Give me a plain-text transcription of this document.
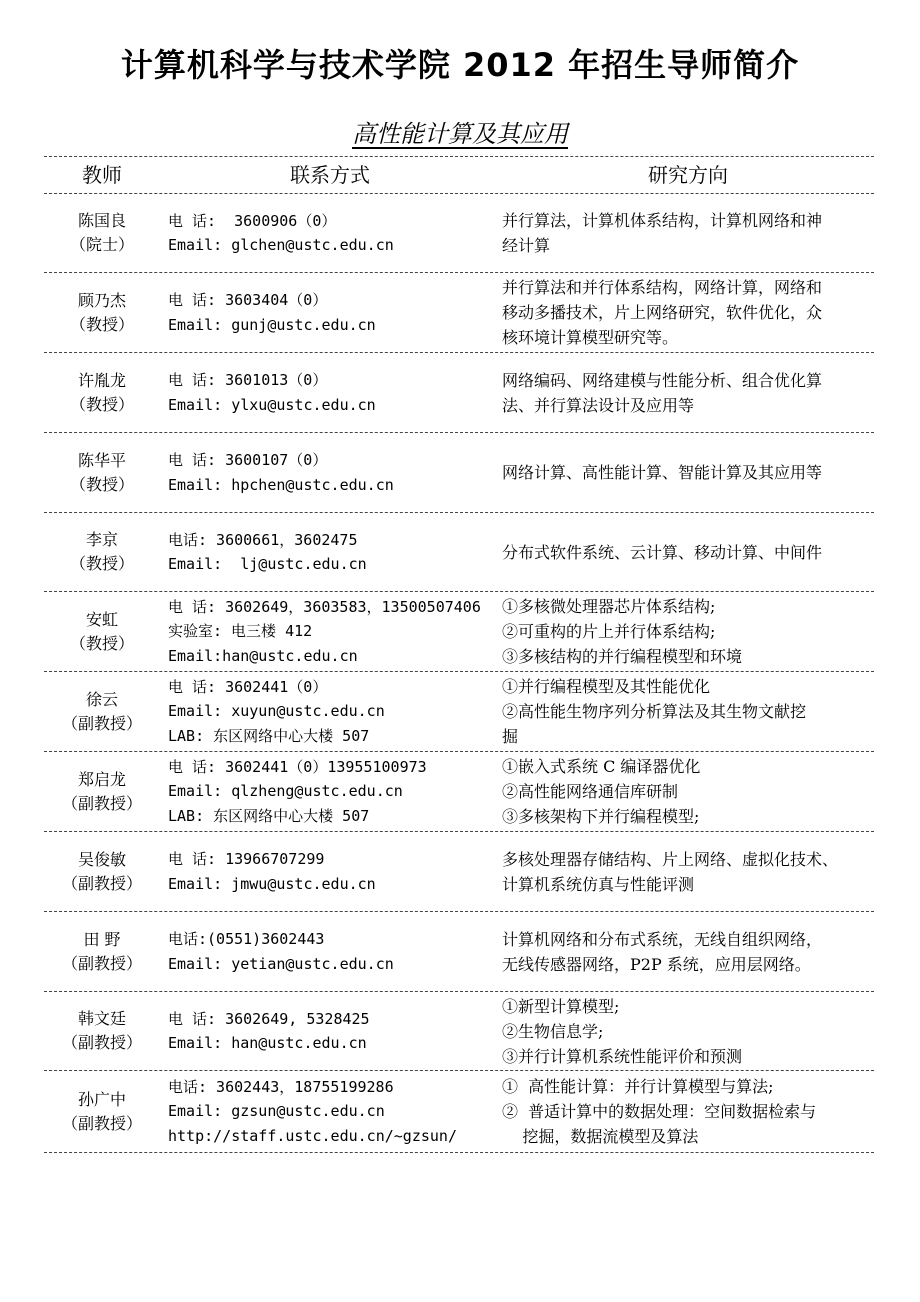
计算机科学与技术学院 2012 年招生导师简介
高性能计算及其应用
教师	联系方式	研究方向
陈国良
（院士）
电 话:  3600906（0）
Email: glchen@ustc.edu.cn
并行算法，计算机体系结构，计算机网络和神
经计算
顾乃杰
（教授）
电 话: 3603404（0）
Email: gunj@ustc.edu.cn
并行算法和并行体系结构，网络计算，网络和
移动多播技术，片上网络研究，软件优化，众
核环境计算模型研究等。
许胤龙
（教授）
电 话: 3601013（0）
Email: ylxu@ustc.edu.cn
网络编码、网络建模与性能分析、组合优化算
法、并行算法设计及应用等
陈华平
（教授）
电 话: 3600107（0）
Email: hpchen@ustc.edu.cn
网络计算、高性能计算、智能计算及其应用等
李京
（教授）
电话: 3600661，3602475
Email:  lj@ustc.edu.cn
分布式软件系统、云计算、移动计算、中间件
安虹
（教授）
电 话: 3602649，3603583，13500507406
实验室: 电三楼 412
Email:han@ustc.edu.cn
①多核微处理器芯片体系结构;
②可重构的片上并行体系结构;
③多核结构的并行编程模型和环境
徐云
（副教授）
电 话: 3602441（0）
Email: xuyun@ustc.edu.cn
LAB: 东区网络中心大楼 507
①并行编程模型及其性能优化
②高性能生物序列分析算法及其生物文献挖
掘
郑启龙
（副教授）
电 话: 3602441（0）13955100973
Email: qlzheng@ustc.edu.cn
LAB: 东区网络中心大楼 507
①嵌入式系统 C 编译器优化
②高性能网络通信库研制
③多核架构下并行编程模型;
吴俊敏
（副教授）
电 话: 13966707299
Email: jmwu@ustc.edu.cn
多核处理器存储结构、片上网络、虚拟化技术、
计算机系统仿真与性能评测
田 野
（副教授）
电话:(0551)3602443
Email: yetian@ustc.edu.cn
计算机网络和分布式系统，无线自组织网络，
无线传感器网络，P2P 系统，应用层网络。
韩文廷
（副教授）
电 话: 3602649, 5328425
Email: han@ustc.edu.cn
①新型计算模型;
②生物信息学;
③并行计算机系统性能评价和预测
孙广中
（副教授）
电话: 3602443，18755199286
Email: gzsun@ustc.edu.cn
http://staff.ustc.edu.cn/~gzsun/
①  高性能计算：并行计算模型与算法;
②  普适计算中的数据处理：空间数据检索与
挖掘，数据流模型及算法
